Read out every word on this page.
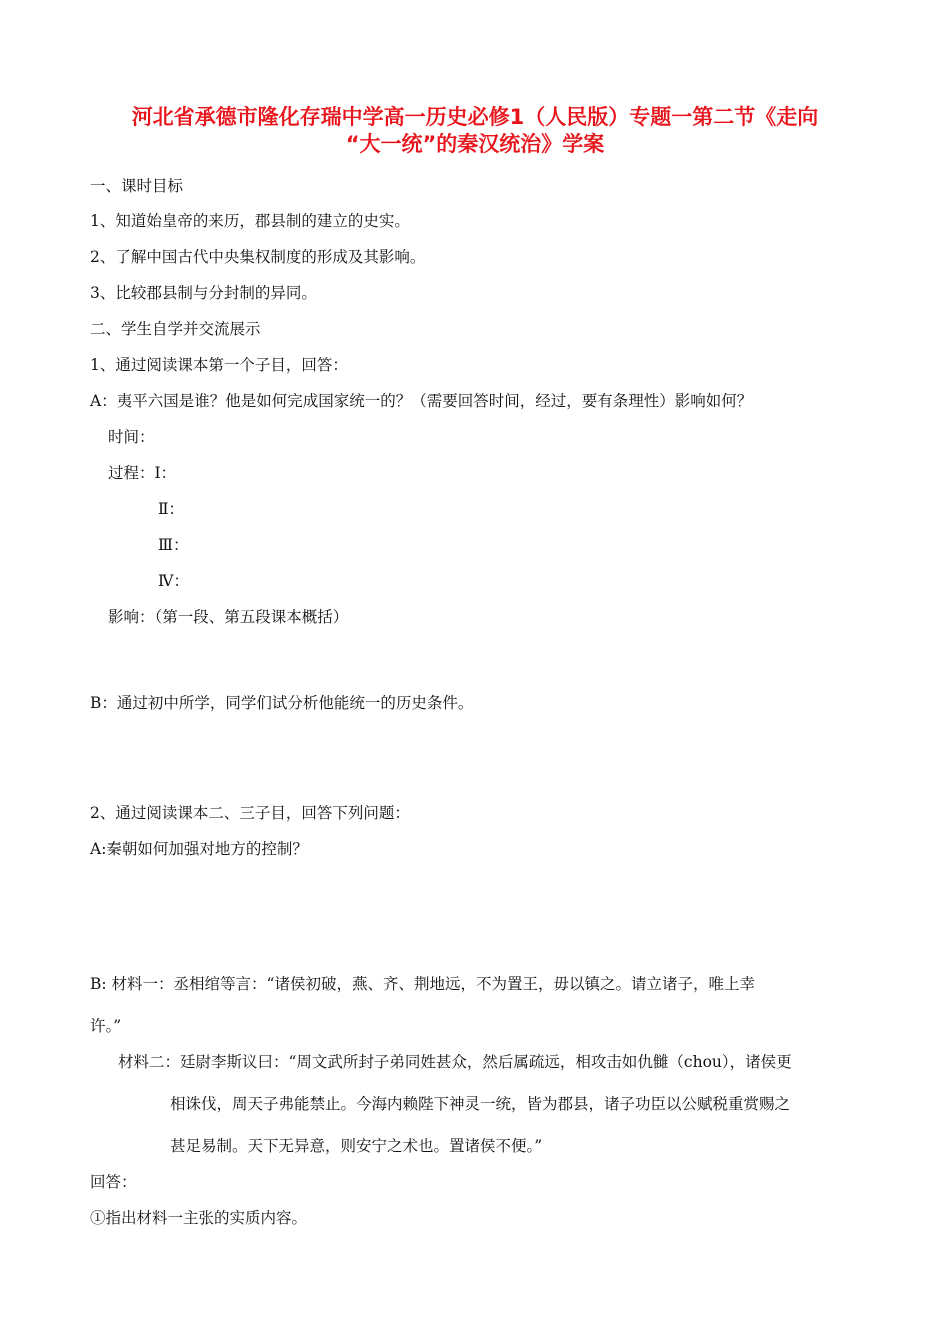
河北省承德市隆化存瑞中学高一历史必修1（人民版）专题一第二节《走向
“大一统”的秦汉统治》学案
一、课时目标
1、知道始皇帝的来历，郡县制的建立的史实。
2、了解中国古代中央集权制度的形成及其影响。
3、比较郡县制与分封制的异同。
二、学生自学并交流展示
1、通过阅读课本第一个子目，回答：
A：夷平六国是谁？他是如何完成国家统一的？（需要回答时间，经过，要有条理性）影响如何？
时间：
过程：Ⅰ：
Ⅱ：
Ⅲ：
Ⅳ：
影响：（第一段、第五段课本概括）
B：通过初中所学，同学们试分析他能统一的历史条件。
2、通过阅读课本二、三子目，回答下列问题：
A:秦朝如何加强对地方的控制？
B: 材料一：丞相绾等言：“诸侯初破，燕、齐、荆地远，不为置王，毋以镇之。请立诸子，唯上幸
许。”
材料二：廷尉李斯议曰：“周文武所封子弟同姓甚众，然后属疏远，相攻击如仇雠（chou），诸侯更
相诛伐，周天子弗能禁止。今海内赖陛下神灵一统，皆为郡县，诸子功臣以公赋税重赏赐之
甚足易制。天下无异意，则安宁之术也。置诸侯不便。”
回答：
①指出材料一主张的实质内容。
